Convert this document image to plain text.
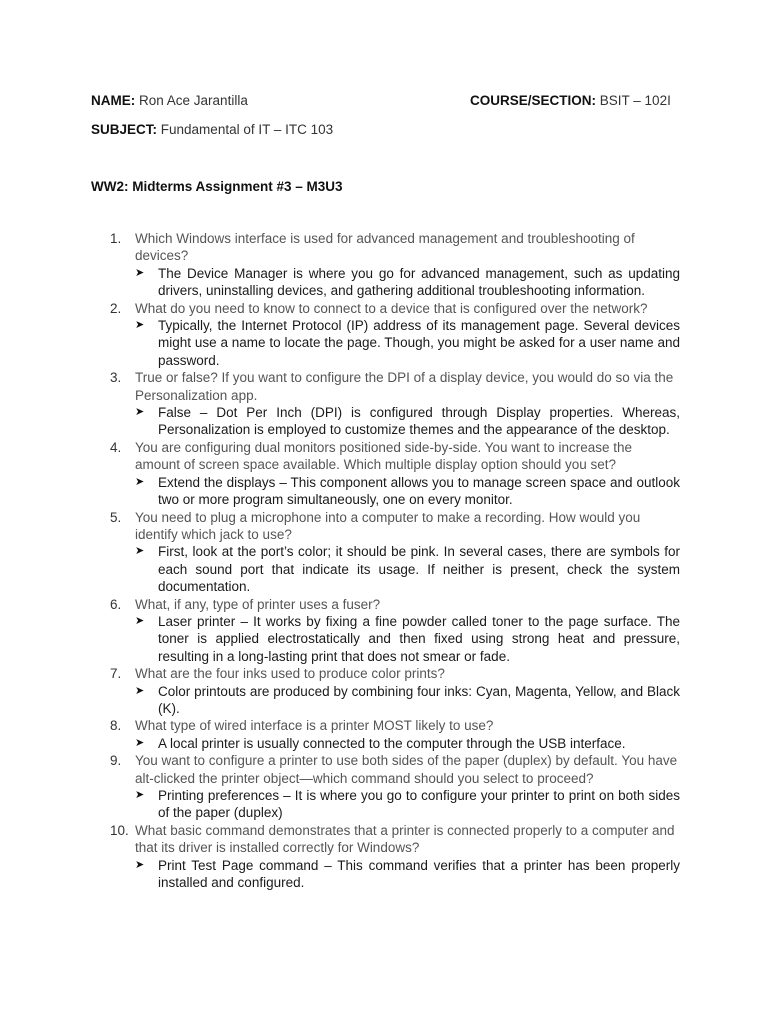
NAME: Ron Ace Jarantilla	COURSE/SECTION: BSIT – 102I
SUBJECT: Fundamental of IT – ITC 103
WW2: Midterms Assignment #3 – M3U3
1. Which Windows interface is used for advanced management and troubleshooting of devices?
➤ The Device Manager is where you go for advanced management, such as updating drivers, uninstalling devices, and gathering additional troubleshooting information.
2. What do you need to know to connect to a device that is configured over the network?
➤ Typically, the Internet Protocol (IP) address of its management page. Several devices might use a name to locate the page. Though, you might be asked for a user name and password.
3. True or false? If you want to configure the DPI of a display device, you would do so via the Personalization app.
➤ False – Dot Per Inch (DPI) is configured through Display properties. Whereas, Personalization is employed to customize themes and the appearance of the desktop.
4. You are configuring dual monitors positioned side-by-side. You want to increase the amount of screen space available. Which multiple display option should you set?
➤ Extend the displays – This component allows you to manage screen space and outlook two or more program simultaneously, one on every monitor.
5. You need to plug a microphone into a computer to make a recording. How would you identify which jack to use?
➤ First, look at the port’s color; it should be pink. In several cases, there are symbols for each sound port that indicate its usage. If neither is present, check the system documentation.
6. What, if any, type of printer uses a fuser?
➤ Laser printer – It works by fixing a fine powder called toner to the page surface. The toner is applied electrostatically and then fixed using strong heat and pressure, resulting in a long-lasting print that does not smear or fade.
7. What are the four inks used to produce color prints?
➤ Color printouts are produced by combining four inks: Cyan, Magenta, Yellow, and Black (K).
8. What type of wired interface is a printer MOST likely to use?
➤ A local printer is usually connected to the computer through the USB interface.
9. You want to configure a printer to use both sides of the paper (duplex) by default. You have alt-clicked the printer object—which command should you select to proceed?
➤ Printing preferences – It is where you go to configure your printer to print on both sides of the paper (duplex)
10. What basic command demonstrates that a printer is connected properly to a computer and that its driver is installed correctly for Windows?
➤ Print Test Page command – This command verifies that a printer has been properly installed and configured.
